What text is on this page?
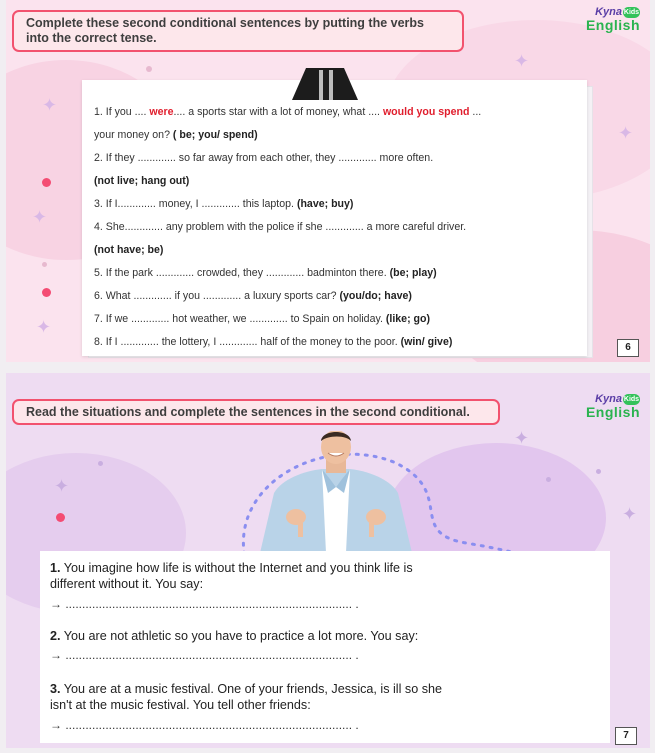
Complete these second conditional sentences by putting the verbs into the correct tense.
Kyna Kids
English
✦
✦
✦
✦
✦
1. If you .... were.... a sports star with a lot of money, what .... would you spend ...
your money on? ( be; you/ spend)
2. If they ............. so far away from each other, they ............. more often.
(not live; hang out)
3. If I............. money, I ............. this laptop. (have; buy)
4. She............. any problem with the police if she ............. a more careful driver.
(not have; be)
5. If the park ............. crowded, they ............. badminton there. (be; play)
6. What ............. if you ............. a luxury sports car? (you/do; have)
7. If we ............. hot weather, we ............. to Spain on holiday. (like; go)
8. If I ............. the lottery, I ............. half of the money to the poor. (win/ give)	6
Read the situations and complete the sentences in the second conditional.
Kyna Kids
English
✦
✦
✦
1. You imagine how life is without the Internet and you think life is
different without it. You say:
→ ...................................................................................... .
2. You are not athletic so you have to practice a lot more. You say:
→ ...................................................................................... .
3. You are at a music festival. One of your friends, Jessica, is ill so she
isn't at the music festival. You tell other friends:
→ ...................................................................................... .
7
